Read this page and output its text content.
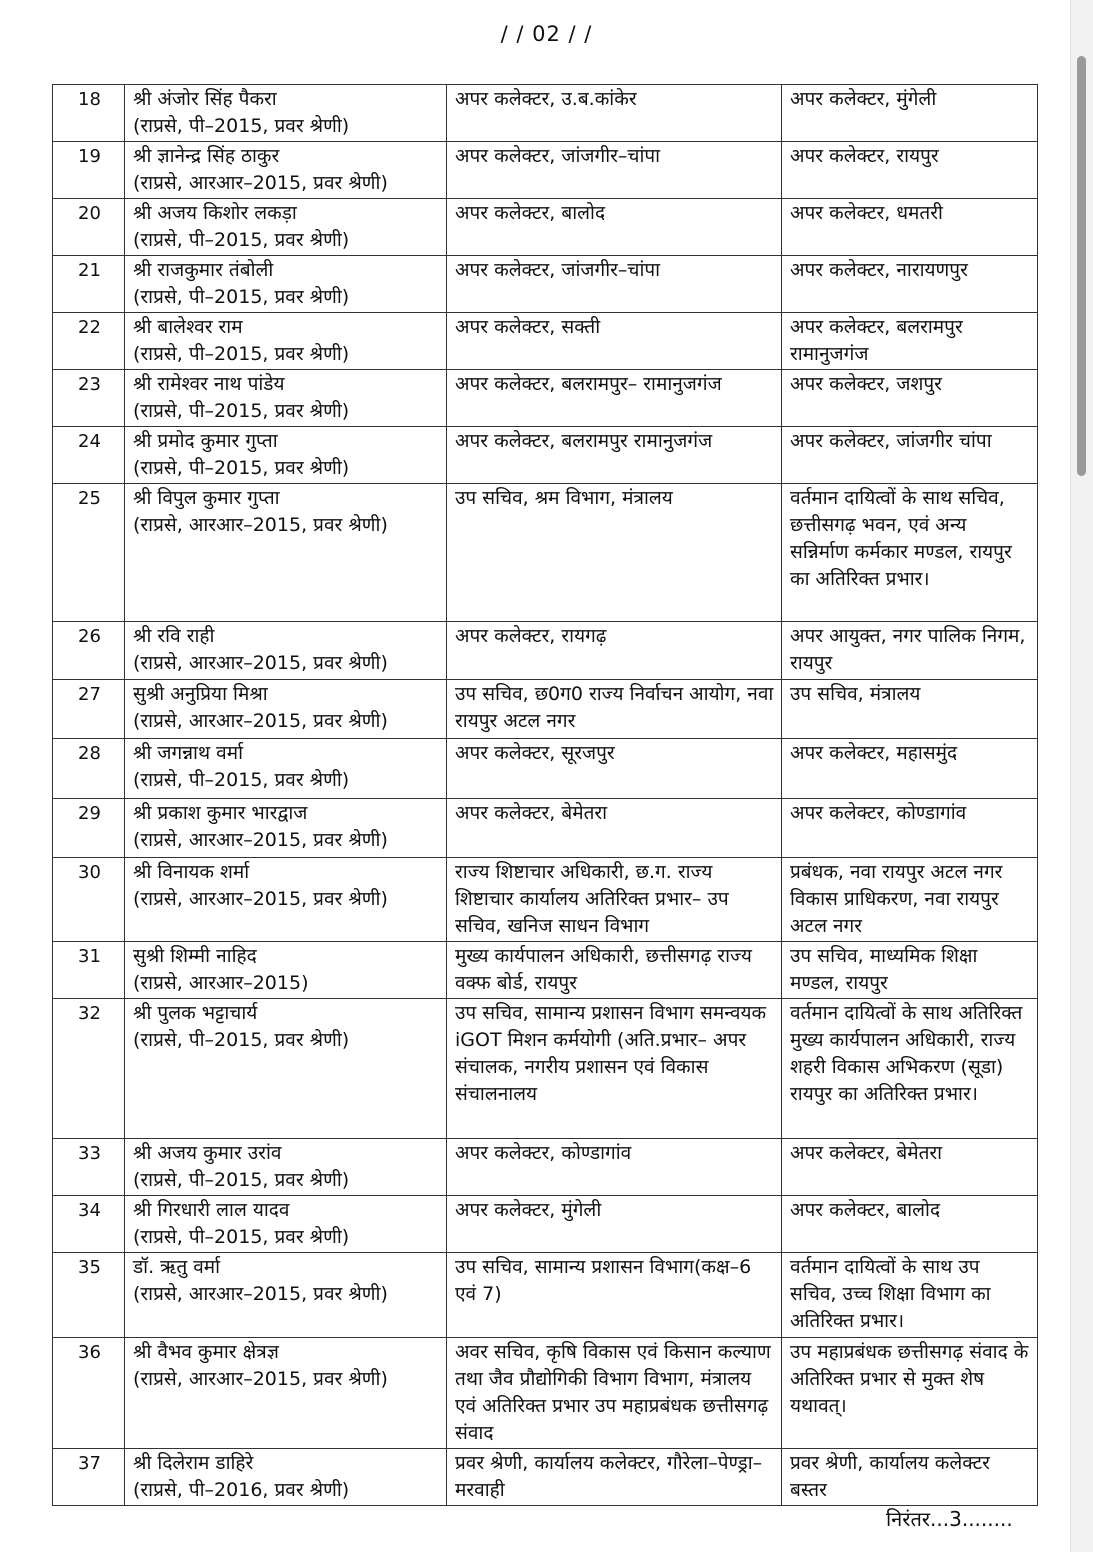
/ / 02 / /
18	श्री अंजोर सिंह पैकरा
(राप्रसे, पी–2015, प्रवर श्रेणी)	अपर कलेक्टर, उ.ब.कांकेर	अपर कलेक्टर, मुंगेली
19	श्री ज्ञानेन्द्र सिंह ठाकुर
(राप्रसे, आरआर–2015, प्रवर श्रेणी)	अपर कलेक्टर, जांजगीर–चांपा	अपर कलेक्टर, रायपुर
20	श्री अजय किशोर लकड़ा
(राप्रसे, पी–2015, प्रवर श्रेणी)	अपर कलेक्टर, बालोद	अपर कलेक्टर, धमतरी
21	श्री राजकुमार तंबोली
(राप्रसे, पी–2015, प्रवर श्रेणी)	अपर कलेक्टर, जांजगीर–चांपा	अपर कलेक्टर, नारायणपुर
22	श्री बालेश्वर राम
(राप्रसे, पी–2015, प्रवर श्रेणी)	अपर कलेक्टर, सक्ती	अपर कलेक्टर, बलरामपुर रामानुजगंज
23	श्री रामेश्वर नाथ पांडेय
(राप्रसे, पी–2015, प्रवर श्रेणी)	अपर कलेक्टर, बलरामपुर– रामानुजगंज	अपर कलेक्टर, जशपुर
24	श्री प्रमोद कुमार गुप्ता
(राप्रसे, पी–2015, प्रवर श्रेणी)	अपर कलेक्टर, बलरामपुर रामानुजगंज	अपर कलेक्टर, जांजगीर चांपा
25	श्री विपुल कुमार गुप्ता
(राप्रसे, आरआर–2015, प्रवर श्रेणी)	उप सचिव, श्रम विभाग, मंत्रालय	वर्तमान दायित्वों के साथ सचिव, छत्तीसगढ़ भवन, एवं अन्य सन्निर्माण कर्मकार मण्डल, रायपुर का अतिरिक्त प्रभार।
26	श्री रवि राही
(राप्रसे, आरआर–2015, प्रवर श्रेणी)	अपर कलेक्टर, रायगढ़	अपर आयुक्त, नगर पालिक निगम, रायपुर
27	सुश्री अनुप्रिया मिश्रा
(राप्रसे, आरआर–2015, प्रवर श्रेणी)	उप सचिव, छ0ग0 राज्य निर्वाचन आयोग, नवा रायपुर अटल नगर	उप सचिव, मंत्रालय
28	श्री जगन्नाथ वर्मा
(राप्रसे, पी–2015, प्रवर श्रेणी)	अपर कलेक्टर, सूरजपुर	अपर कलेक्टर, महासमुंद
29	श्री प्रकाश कुमार भारद्वाज
(राप्रसे, आरआर–2015, प्रवर श्रेणी)	अपर कलेक्टर, बेमेतरा	अपर कलेक्टर, कोण्डागांव
30	श्री विनायक शर्मा
(राप्रसे, आरआर–2015, प्रवर श्रेणी)	राज्य शिष्टाचार अधिकारी, छ.ग. राज्य शिष्टाचार कार्यालय अतिरिक्त प्रभार– उप सचिव, खनिज साधन विभाग	प्रबंधक, नवा रायपुर अटल नगर विकास प्राधिकरण, नवा रायपुर अटल नगर
31	सुश्री शिम्मी नाहिद
(राप्रसे, आरआर–2015)	मुख्य कार्यपालन अधिकारी, छत्तीसगढ़ राज्य वक्फ बोर्ड, रायपुर	उप सचिव, माध्यमिक शिक्षा मण्डल, रायपुर
32	श्री पुलक भट्टाचार्य
(राप्रसे, पी–2015, प्रवर श्रेणी)	उप सचिव, सामान्य प्रशासन विभाग समन्वयक iGOT मिशन कर्मयोगी (अति.प्रभार– अपर संचालक, नगरीय प्रशासन एवं विकास संचालनालय	वर्तमान दायित्वों के साथ अतिरिक्त मुख्य कार्यपालन अधिकारी, राज्य शहरी विकास अभिकरण (सूडा) रायपुर का अतिरिक्त प्रभार।
33	श्री अजय कुमार उरांव
(राप्रसे, पी–2015, प्रवर श्रेणी)	अपर कलेक्टर, कोण्डागांव	अपर कलेक्टर, बेमेतरा
34	श्री गिरधारी लाल यादव
(राप्रसे, पी–2015, प्रवर श्रेणी)	अपर कलेक्टर, मुंगेली	अपर कलेक्टर, बालोद
35	डॉ. ऋतु वर्मा
(राप्रसे, आरआर–2015, प्रवर श्रेणी)	उप सचिव, सामान्य प्रशासन विभाग(कक्ष–6 एवं 7)	वर्तमान दायित्वों के साथ उप सचिव, उच्च शिक्षा विभाग का अतिरिक्त प्रभार।
36	श्री वैभव कुमार क्षेत्रज्ञ
(राप्रसे, आरआर–2015, प्रवर श्रेणी)	अवर सचिव, कृषि विकास एवं किसान कल्याण तथा जैव प्रौद्योगिकी विभाग विभाग, मंत्रालय एवं अतिरिक्त प्रभार उप महाप्रबंधक छत्तीसगढ़ संवाद	उप महाप्रबंधक छत्तीसगढ़ संवाद के अतिरिक्त प्रभार से मुक्त शेष यथावत्।
37	श्री दिलेराम डाहिरे
(राप्रसे, पी–2016, प्रवर श्रेणी)	प्रवर श्रेणी, कार्यालय कलेक्टर, गौरेला–पेण्ड्रा–मरवाही	प्रवर श्रेणी, कार्यालय कलेक्टर बस्तर
निरंतर...3........
